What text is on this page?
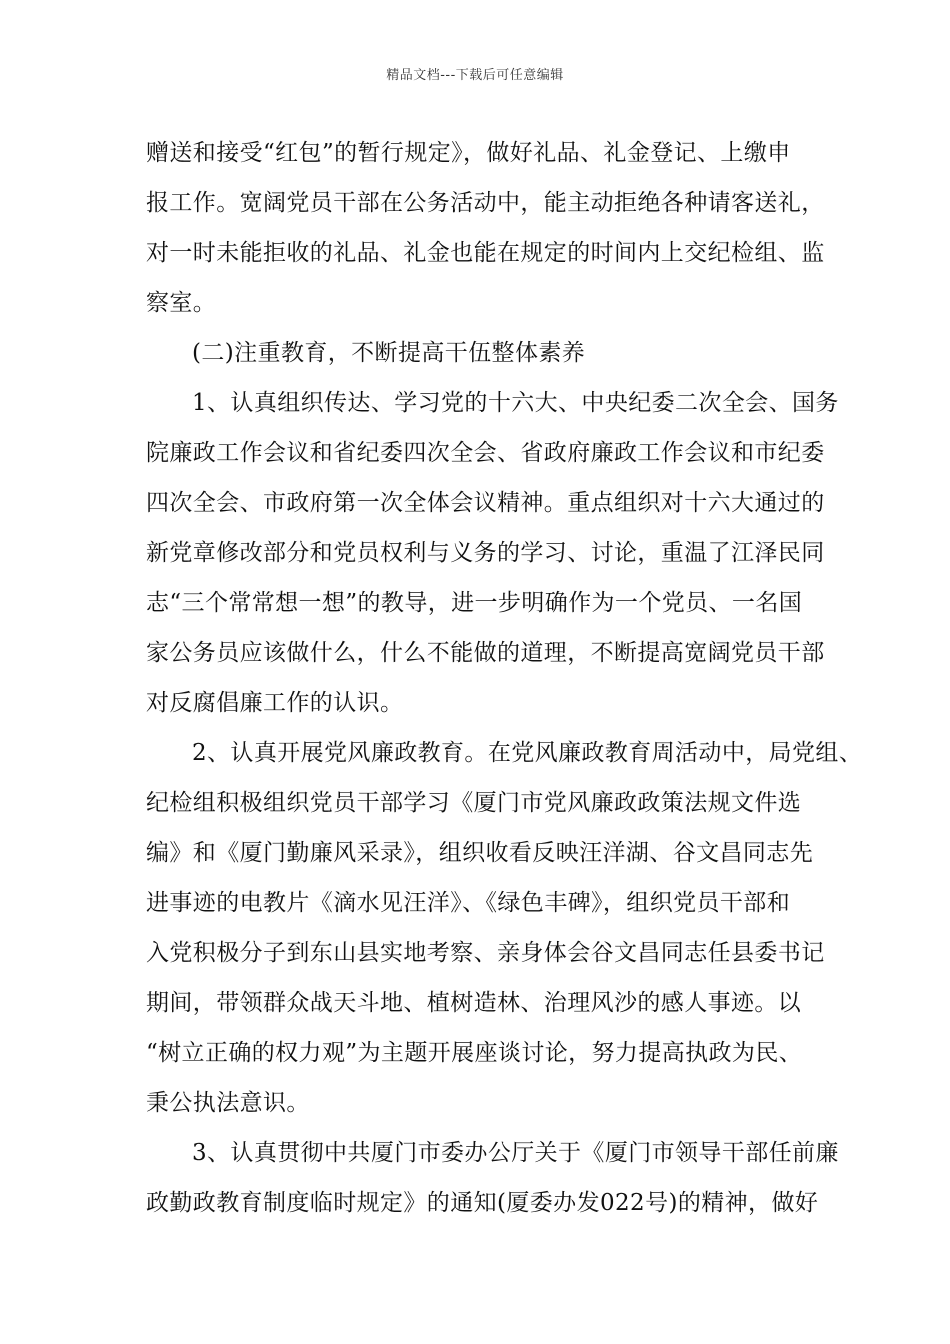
精品文档---下载后可任意编辑
赠送和接受“红包”的暂行规定》，做好礼品、礼金登记、上缴申
报工作。宽阔党员干部在公务活动中，能主动拒绝各种请客送礼，
对一时未能拒收的礼品、礼金也能在规定的时间内上交纪检组、监
察室。
(二)注重教育，不断提高干伍整体素养
1、认真组织传达、学习党的十六大、中央纪委二次全会、国务
院廉政工作会议和省纪委四次全会、省政府廉政工作会议和市纪委
四次全会、市政府第一次全体会议精神。重点组织对十六大通过的
新党章修改部分和党员权利与义务的学习、讨论，重温了江泽民同
志“三个常常想一想”的教导，进一步明确作为一个党员、一名国
家公务员应该做什么，什么不能做的道理，不断提高宽阔党员干部
对反腐倡廉工作的认识。
2、认真开展党风廉政教育。在党风廉政教育周活动中，局党组、
纪检组积极组织党员干部学习《厦门市党风廉政政策法规文件选
编》和《厦门勤廉风采录》，组织收看反映汪洋湖、谷文昌同志先
进事迹的电教片《滴水见汪洋》、《绿色丰碑》，组织党员干部和
入党积极分子到东山县实地考察、亲身体会谷文昌同志任县委书记
期间，带领群众战天斗地、植树造林、治理风沙的感人事迹。以
“树立正确的权力观”为主题开展座谈讨论，努力提高执政为民、
秉公执法意识。
3、认真贯彻中共厦门市委办公厅关于《厦门市领导干部任前廉
政勤政教育制度临时规定》的通知(厦委办发022号)的精神，做好
